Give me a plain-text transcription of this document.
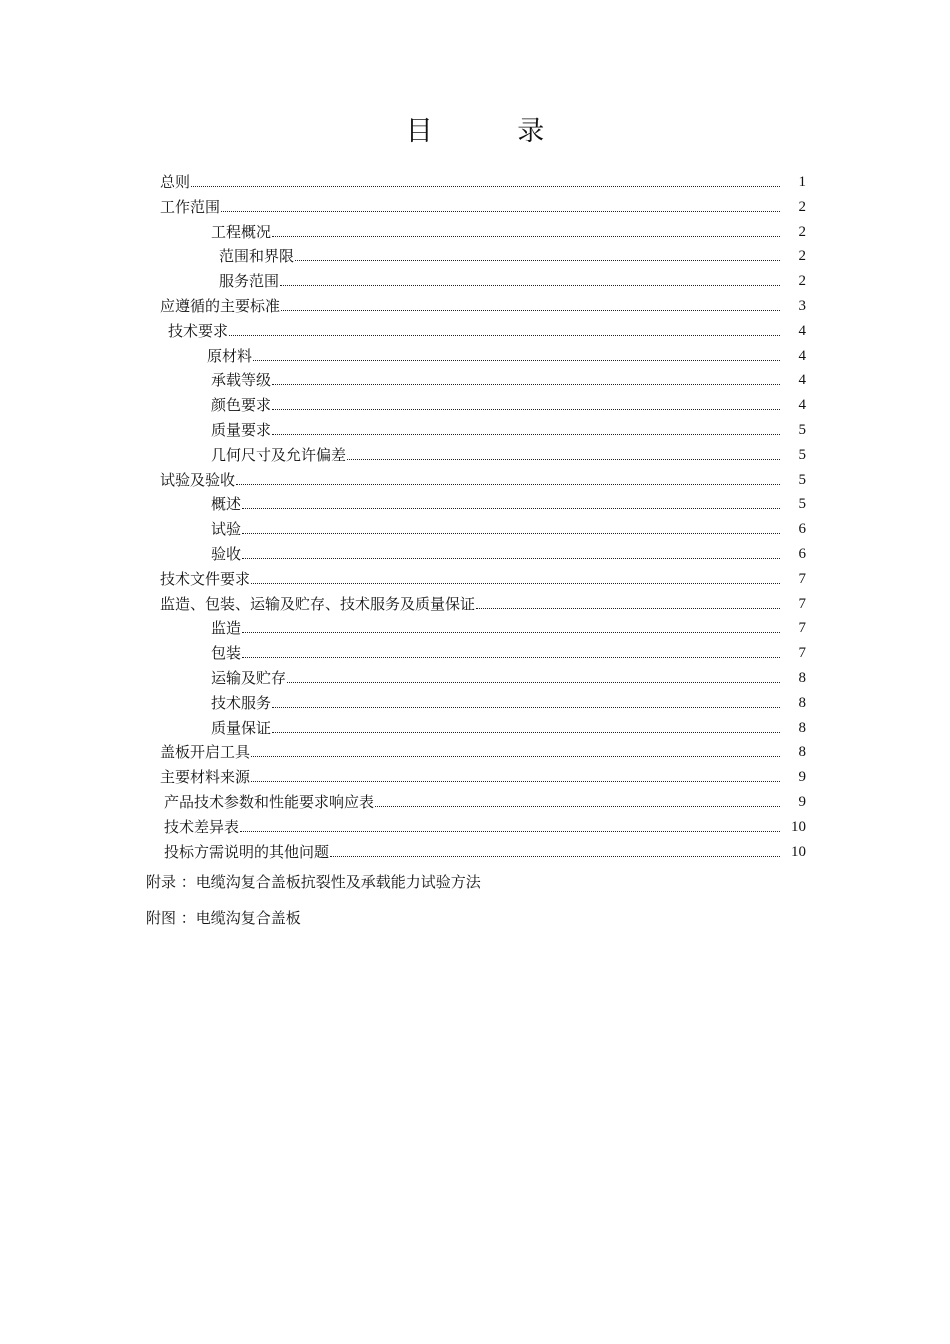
目 录
总则	1
工作范围	2
工程概况	2
范围和界限	2
服务范围	2
应遵循的主要标准	3
技术要求	4
原材料	4
承载等级	4
颜色要求	4
质量要求	5
几何尺寸及允许偏差	5
试验及验收	5
概述	5
试验	6
验收	6
技术文件要求	7
监造、包装、运输及贮存、技术服务及质量保证	7
监造	7
包装	7
运输及贮存	8
技术服务	8
质量保证	8
盖板开启工具	8
主要材料来源	9
产品技术参数和性能要求响应表	9
技术差异表	10
投标方需说明的其他问题	10
附录 ：电缆沟复合盖板抗裂性及承载能力试验方法
附图 ：电缆沟复合盖板
